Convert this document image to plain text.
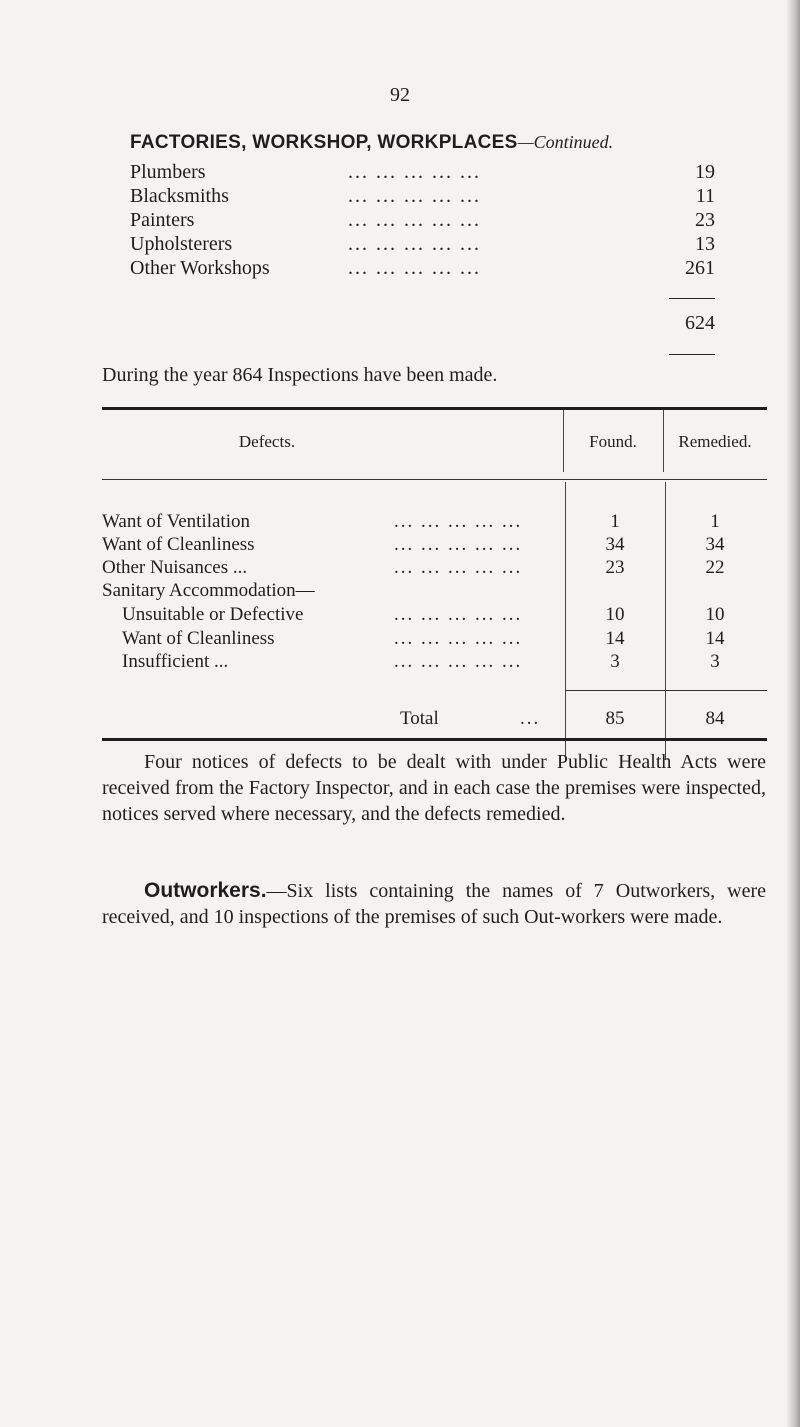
92
FACTORIES, WORKSHOP, WORKPLACES—Continued.
Plumbers	... ... ... ... ...	19
Blacksmiths	... ... ... ... ...	11
Painters	... ... ... ... ...	23
Upholsterers	... ... ... ... ...	13
Other Workshops	... ... ... ... ...	261
624
During the year 864 Inspections have been made.
Defects.	Found.	Remedied.
Want of Ventilation	... ... ... ... ...	1	1
Want of Cleanliness	... ... ... ... ...	34	34
Other Nuisances ...	... ... ... ... ...	23	22
Sanitary Accommodation—
Unsuitable or Defective	... ... ... ... ...	10	10
Want of Cleanliness	... ... ... ... ...	14	14
Insufficient ...	... ... ... ... ...	3	3
Total	...	85	84

Four notices of defects to be dealt with under Public Health Acts were received from the Factory Inspector, and in each case the premises were inspected, notices served where necessary, and the defects remedied.

Outworkers.—Six lists containing the names of 7 Outworkers, were received, and 10 inspections of the premises of such Out-workers were made.
